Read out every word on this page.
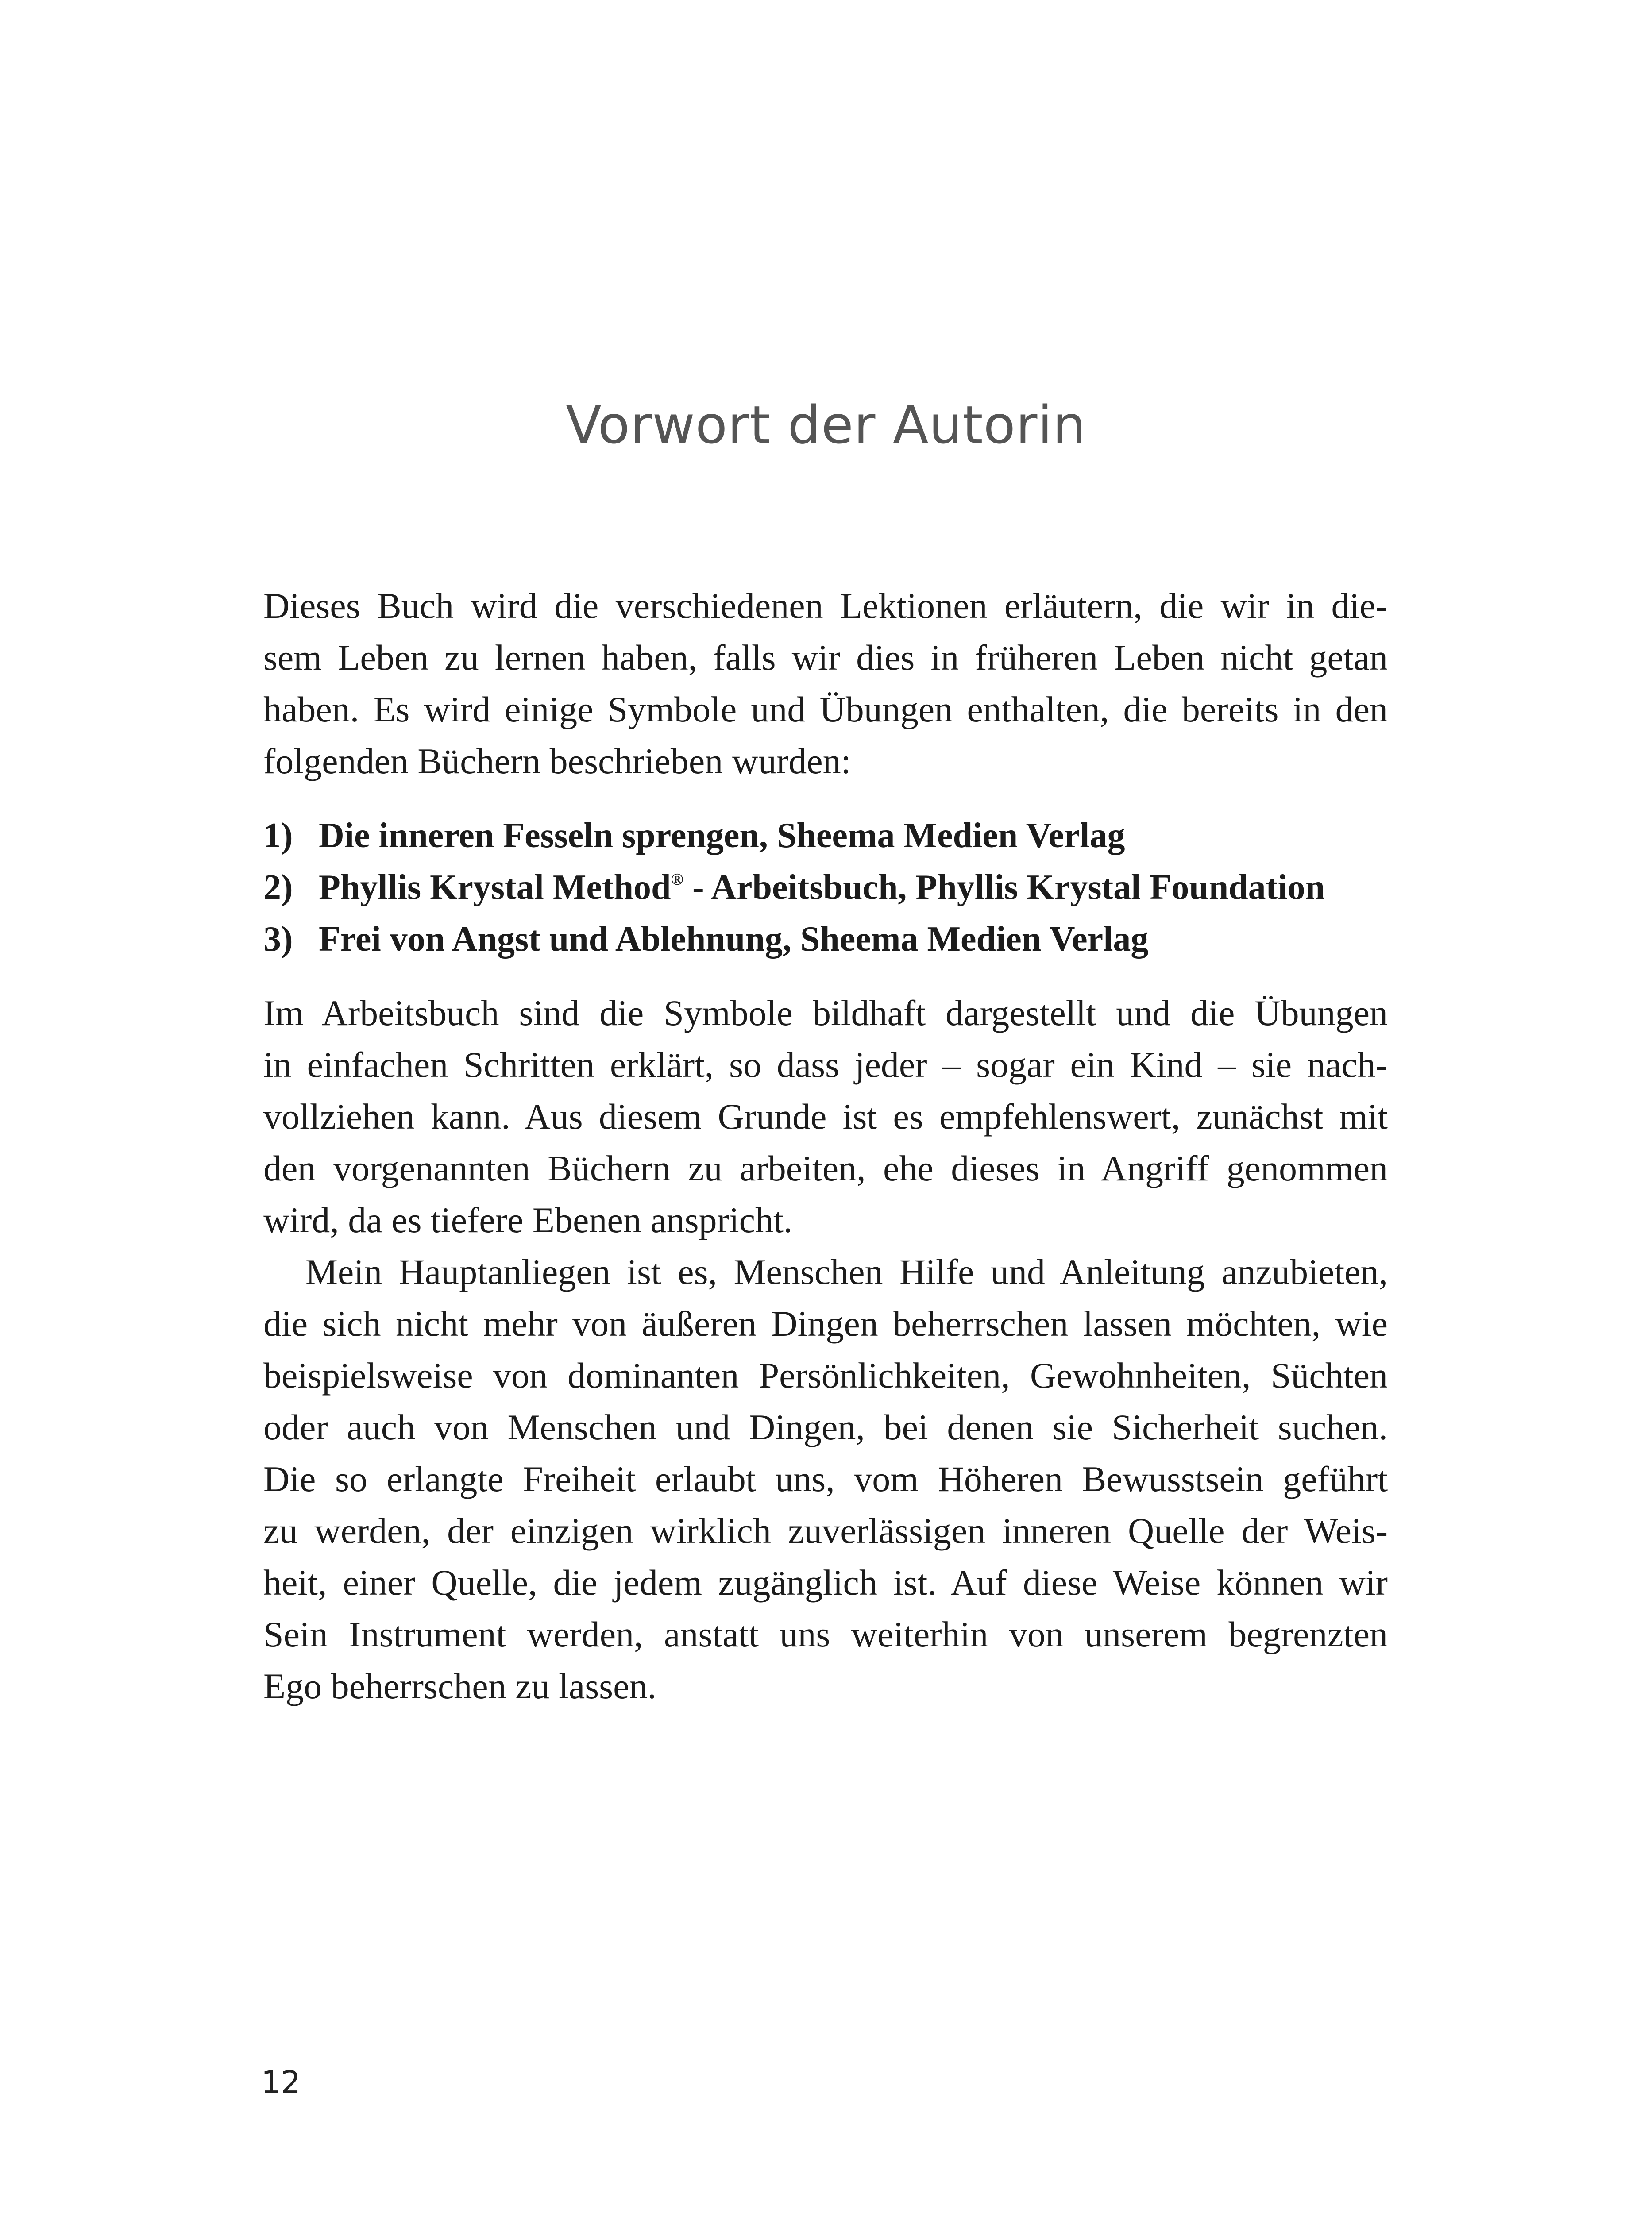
Vorwort der Autorin
Dieses Buch wird die verschiedenen Lektionen erläutern, die wir in die-
sem Leben zu lernen haben, falls wir dies in früheren Leben nicht getan
haben. Es wird einige Symbole und Übungen enthalten, die bereits in den
folgenden Büchern beschrieben wurden:
1) Die inneren Fesseln sprengen, Sheema Medien Verlag
2) Phyllis Krystal Method® - Arbeitsbuch, Phyllis Krystal Foundation
3) Frei von Angst und Ablehnung, Sheema Medien Verlag
Im Arbeitsbuch sind die Symbole bildhaft dargestellt und die Übungen
in einfachen Schritten erklärt, so dass jeder – sogar ein Kind – sie nach-
vollziehen kann. Aus diesem Grunde ist es empfehlenswert, zunächst mit
den vorgenannten Büchern zu arbeiten, ehe dieses in Angriff genommen
wird, da es tiefere Ebenen anspricht.
Mein Hauptanliegen ist es, Menschen Hilfe und Anleitung anzubieten,
die sich nicht mehr von äußeren Dingen beherrschen lassen möchten, wie
beispielsweise von dominanten Persönlichkeiten, Gewohnheiten, Süchten
oder auch von Menschen und Dingen, bei denen sie Sicherheit suchen.
Die so erlangte Freiheit erlaubt uns, vom Höheren Bewusstsein geführt
zu werden, der einzigen wirklich zuverlässigen inneren Quelle der Weis-
heit, einer Quelle, die jedem zugänglich ist. Auf diese Weise können wir
Sein Instrument werden, anstatt uns weiterhin von unserem begrenzten
Ego beherrschen zu lassen.
12
